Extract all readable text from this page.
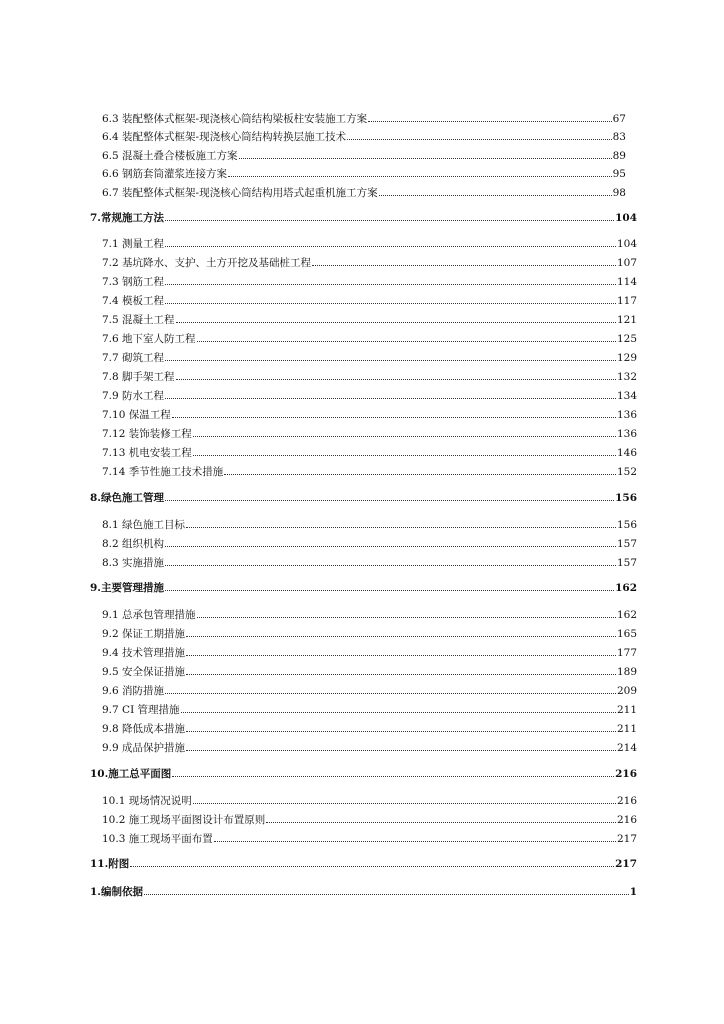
6.3 装配整体式框架-现浇核心筒结构梁板柱安装施工方案	67
6.4 装配整体式框架-现浇核心筒结构转换层施工技术	83
6.5 混凝土叠合楼板施工方案	89
6.6 钢筋套筒灌浆连接方案	95
6.7 装配整体式框架-现浇核心筒结构用塔式起重机施工方案	98
7.常规施工方法	104
7.1 测量工程	104
7.2 基坑降水、支护、土方开挖及基础桩工程	107
7.3 钢筋工程	114
7.4 模板工程	117
7.5 混凝土工程	121
7.6 地下室人防工程	125
7.7 砌筑工程	129
7.8 脚手架工程	132
7.9 防水工程	134
7.10 保温工程	136
7.12 装饰装修工程	136
7.13 机电安装工程	146
7.14 季节性施工技术措施	152
8.绿色施工管理	156
8.1 绿色施工目标	156
8.2 组织机构	157
8.3 实施措施	157
9.主要管理措施	162
9.1 总承包管理措施	162
9.2 保证工期措施	165
9.4 技术管理措施	177
9.5 安全保证措施	189
9.6 消防措施	209
9.7 CI 管理措施	211
9.8 降低成本措施	211
9.9 成品保护措施	214
10.施工总平面图	216
10.1 现场情况说明	216
10.2 施工现场平面图设计布置原则	216
10.3 施工现场平面布置	217
11.附图	217
1.编制依据	1
